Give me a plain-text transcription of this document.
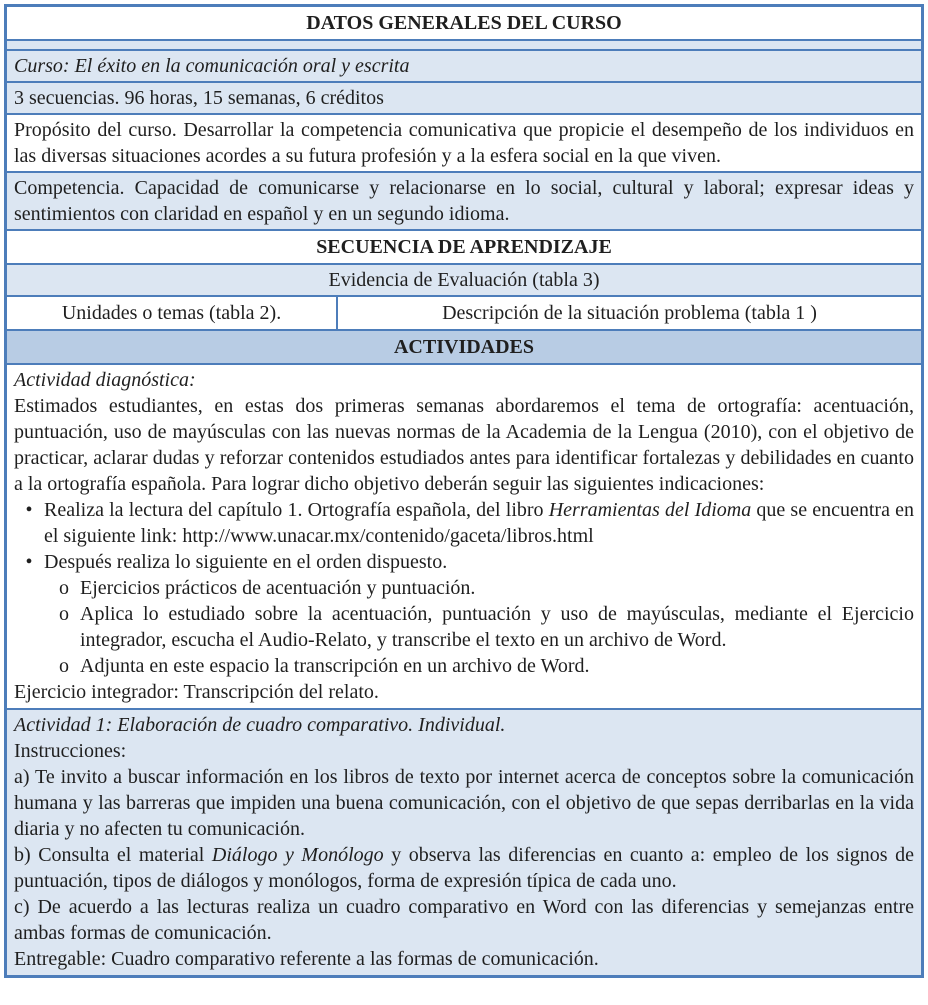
DATOS GENERALES DEL CURSO
Curso: El éxito en la comunicación oral y escrita
3 secuencias. 96 horas, 15 semanas, 6 créditos
Propósito del curso. Desarrollar la competencia comunicativa que propicie el desempeño de los individuos en las diversas situaciones acordes a su futura profesión y a la esfera social en la que viven.
Competencia. Capacidad de comunicarse y relacionarse en lo social, cultural y laboral; expresar ideas y sentimientos con claridad en español y en un segundo idioma.
SECUENCIA DE APRENDIZAJE
Evidencia de Evaluación (tabla 3)
Unidades o temas (tabla 2).	Descripción de la situación problema (tabla 1 )
ACTIVIDADES

Actividad diagnóstica:

Estimados estudiantes, en estas dos primeras semanas abordaremos el tema de ortografía: acentuación, puntuación, uso de mayúsculas con las nuevas normas de la Academia de la Lengua (2010), con el objetivo de practicar, aclarar dudas y reforzar contenidos estudiados antes para identificar fortalezas y debilidades en cuanto a la ortografía española. Para lograr dicho objetivo deberán seguir las siguientes indicaciones:

• Realiza la lectura del capítulo 1. Ortografía española, del libro Herramientas del Idioma que se encuentra en el siguiente link: http://www.unacar.mx/contenido/gaceta/libros.html
• Después realiza lo siguiente en el orden dispuesto.
o Ejercicios prácticos de acentuación y puntuación.
o Aplica lo estudiado sobre la acentuación, puntuación y uso de mayúsculas, mediante el Ejercicio integrador, escucha el Audio-Relato, y transcribe el texto en un archivo de Word.
o Adjunta en este espacio la transcripción en un archivo de Word.

Ejercicio integrador: Transcripción del relato.

Actividad 1: Elaboración de cuadro comparativo. Individual.

Instrucciones:

a) Te invito a buscar información en los libros de texto por internet acerca de conceptos sobre la comunicación humana y las barreras que impiden una buena comunicación, con el objetivo de que sepas derribarlas en la vida diaria y no afecten tu comunicación.

b) Consulta el material Diálogo y Monólogo y observa las diferencias en cuanto a: empleo de los signos de puntuación, tipos de diálogos y monólogos, forma de expresión típica de cada uno.

c) De acuerdo a las lecturas realiza un cuadro comparativo en Word con las diferencias y semejanzas entre ambas formas de comunicación.

Entregable: Cuadro comparativo referente a las formas de comunicación.
